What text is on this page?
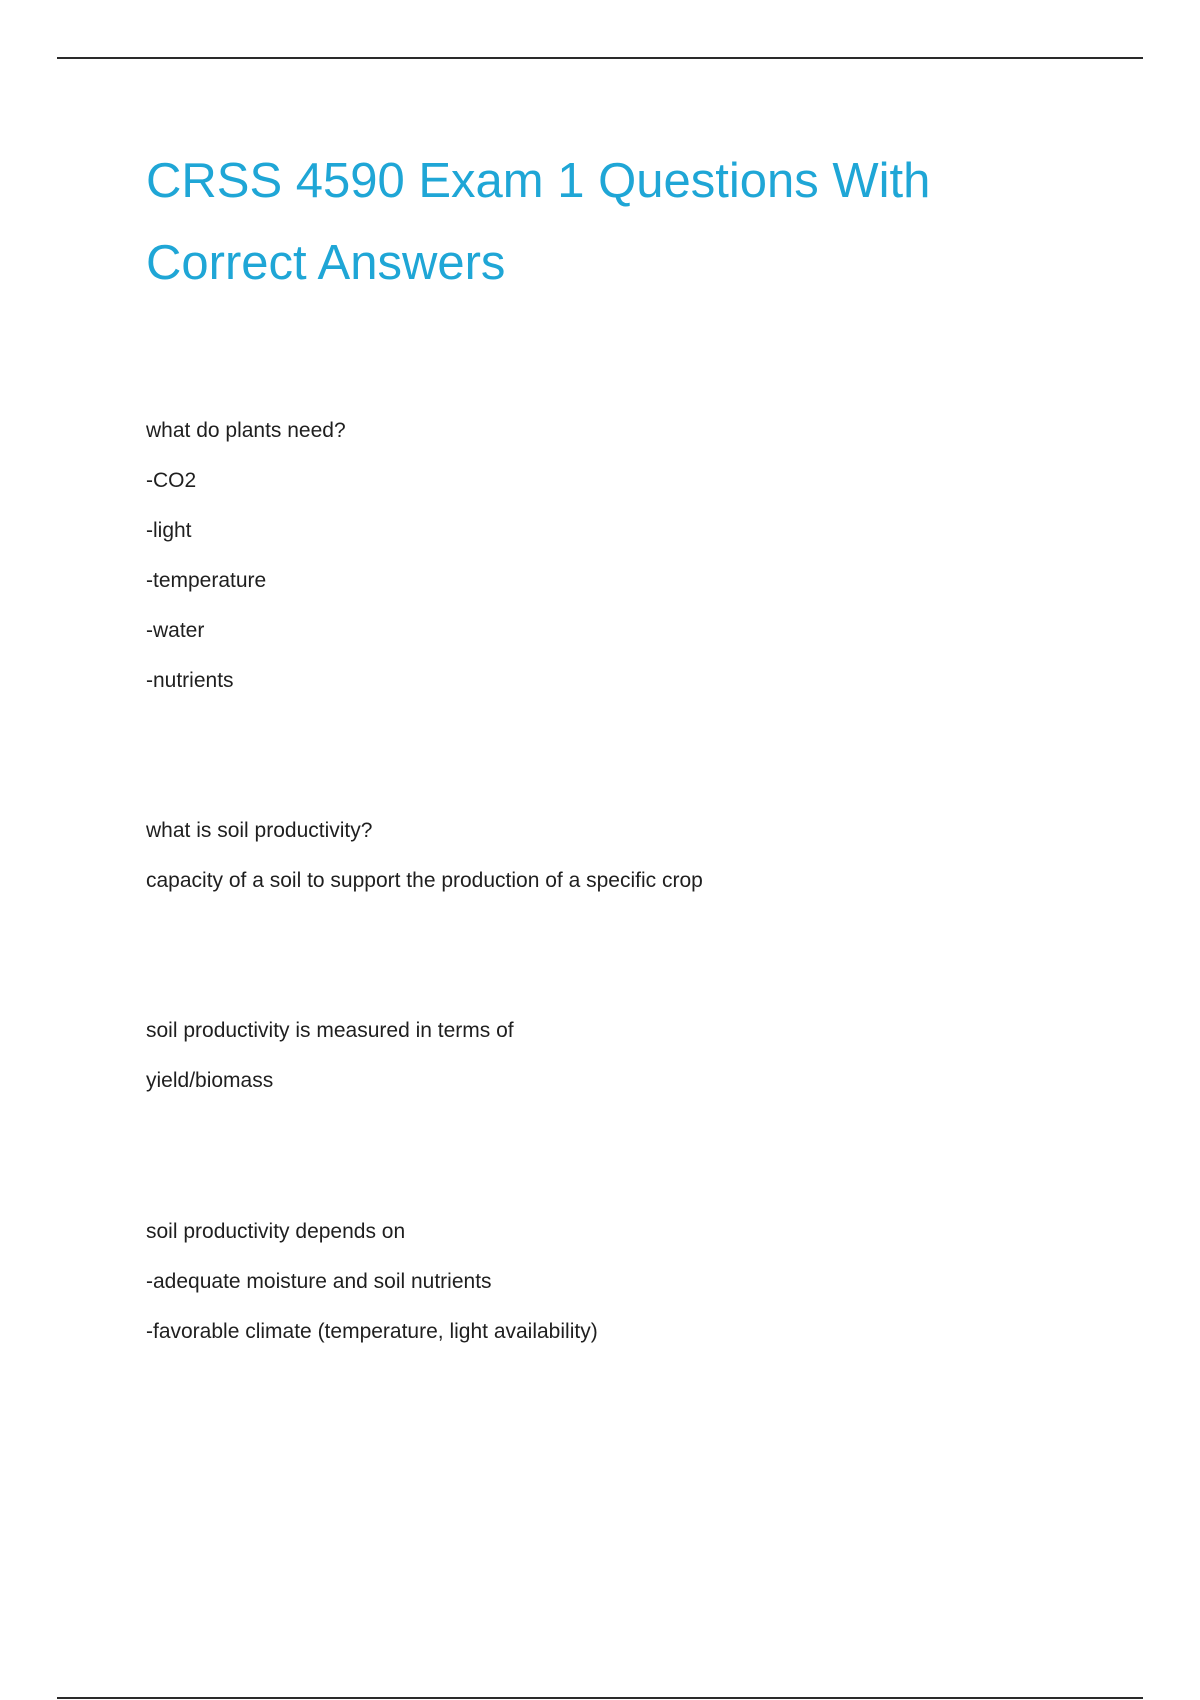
CRSS 4590 Exam 1 Questions With Correct Answers
what do plants need?
-CO2
-light
-temperature
-water
-nutrients
what is soil productivity?
capacity of a soil to support the production of a specific crop
soil productivity is measured in terms of
yield/biomass
soil productivity depends on
-adequate moisture and soil nutrients
-favorable climate (temperature, light availability)
